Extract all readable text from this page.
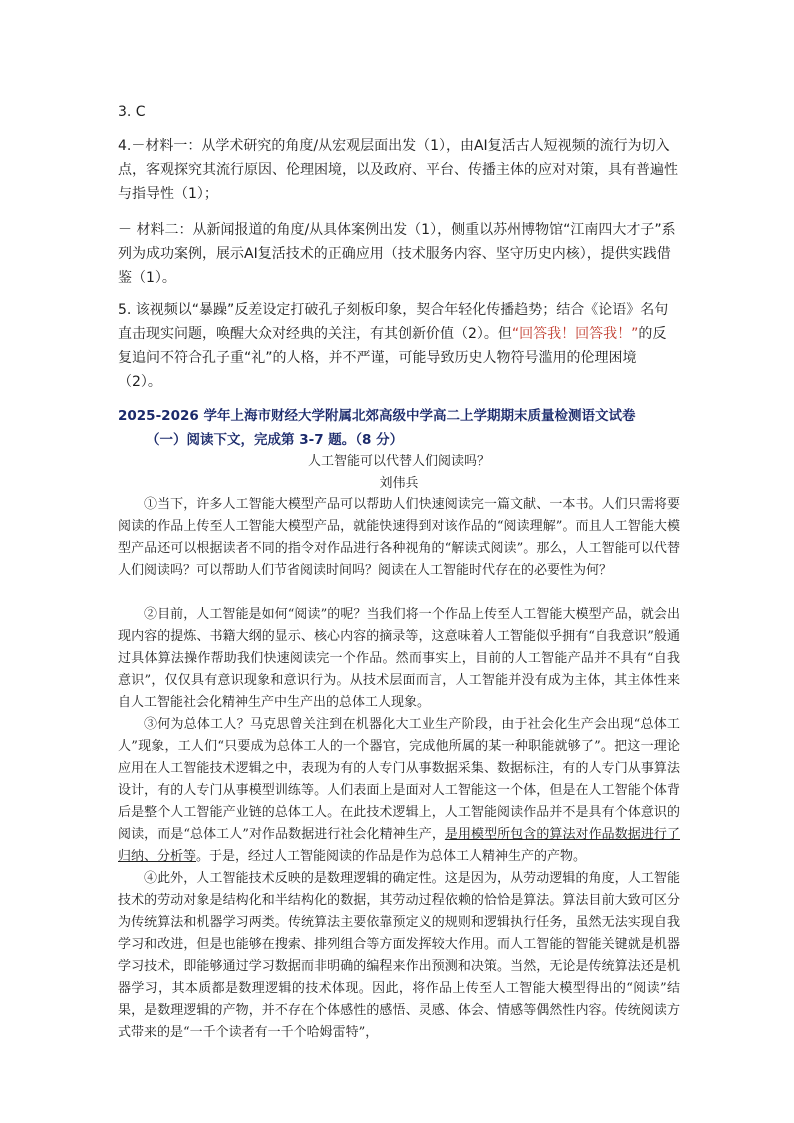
3. C

4.－材料一：从学术研究的角度/从宏观层面出发（1），由AI复活古人短视频的流行为切入点，客观探究其流行原因、伦理困境，以及政府、平台、传播主体的应对对策，具有普遍性与指导性（1）；

－ 材料二：从新闻报道的角度/从具体案例出发（1），侧重以苏州博物馆“江南四大才子”系列为成功案例，展示AI复活技术的正确应用（技术服务内容、坚守历史内核），提供实践借鉴（1）。

5. 该视频以“暴躁”反差设定打破孔子刻板印象，契合年轻化传播趋势；结合《论语》名句直击现实问题，唤醒大众对经典的关注，有其创新价值（2）。但“回答我！回答我！”的反复追问不符合孔子重“礼”的人格，并不严谨，可能导致历史人物符号滥用的伦理困境（2）。

2025-2026 学年上海市财经大学附属北郊高级中学高二上学期期末质量检测语文试卷
（一）阅读下文，完成第 3-7 题。（8 分）
人工智能可以代替人们阅读吗？
刘伟兵

①当下，许多人工智能大模型产品可以帮助人们快速阅读完一篇文献、一本书。人们只需将要阅读的作品上传至人工智能大模型产品，就能快速得到对该作品的“阅读理解”。而且人工智能大模型产品还可以根据读者不同的指令对作品进行各种视角的“解读式阅读”。那么，人工智能可以代替人们阅读吗？可以帮助人们节省阅读时间吗？阅读在人工智能时代存在的必要性为何？

②目前，人工智能是如何“阅读”的呢？当我们将一个作品上传至人工智能大模型产品，就会出现内容的提炼、书籍大纲的显示、核心内容的摘录等，这意味着人工智能似乎拥有“自我意识”般通过具体算法操作帮助我们快速阅读完一个作品。然而事实上，目前的人工智能产品并不具有“自我意识”，仅仅具有意识现象和意识行为。从技术层面而言，人工智能并没有成为主体，其主体性来自人工智能社会化精神生产中生产出的总体工人现象。

③何为总体工人？马克思曾关注到在机器化大工业生产阶段，由于社会化生产会出现“总体工人”现象，工人们“只要成为总体工人的一个器官，完成他所属的某一种职能就够了”。把这一理论应用在人工智能技术逻辑之中，表现为有的人专门从事数据采集、数据标注，有的人专门从事算法设计，有的人专门从事模型训练等。人们表面上是面对人工智能这一个体，但是在人工智能个体背后是整个人工智能产业链的总体工人。在此技术逻辑上，人工智能阅读作品并不是具有个体意识的阅读，而是“总体工人”对作品数据进行社会化精神生产，是用模型所包含的算法对作品数据进行了归纳、分析等。于是，经过人工智能阅读的作品是作为总体工人精神生产的产物。

④此外，人工智能技术反映的是数理逻辑的确定性。这是因为，从劳动逻辑的角度，人工智能技术的劳动对象是结构化和半结构化的数据，其劳动过程依赖的恰恰是算法。算法目前大致可区分为传统算法和机器学习两类。传统算法主要依靠预定义的规则和逻辑执行任务，虽然无法实现自我学习和改进，但是也能够在搜索、排列组合等方面发挥较大作用。而人工智能的智能关键就是机器学习技术，即能够通过学习数据而非明确的编程来作出预测和决策。当然，无论是传统算法还是机器学习，其本质都是数理逻辑的技术体现。因此，将作品上传至人工智能大模型得出的“阅读”结果，是数理逻辑的产物，并不存在个体感性的感悟、灵感、体会、情感等偶然性内容。传统阅读方式带来的是“一千个读者有一千个哈姆雷特”，
